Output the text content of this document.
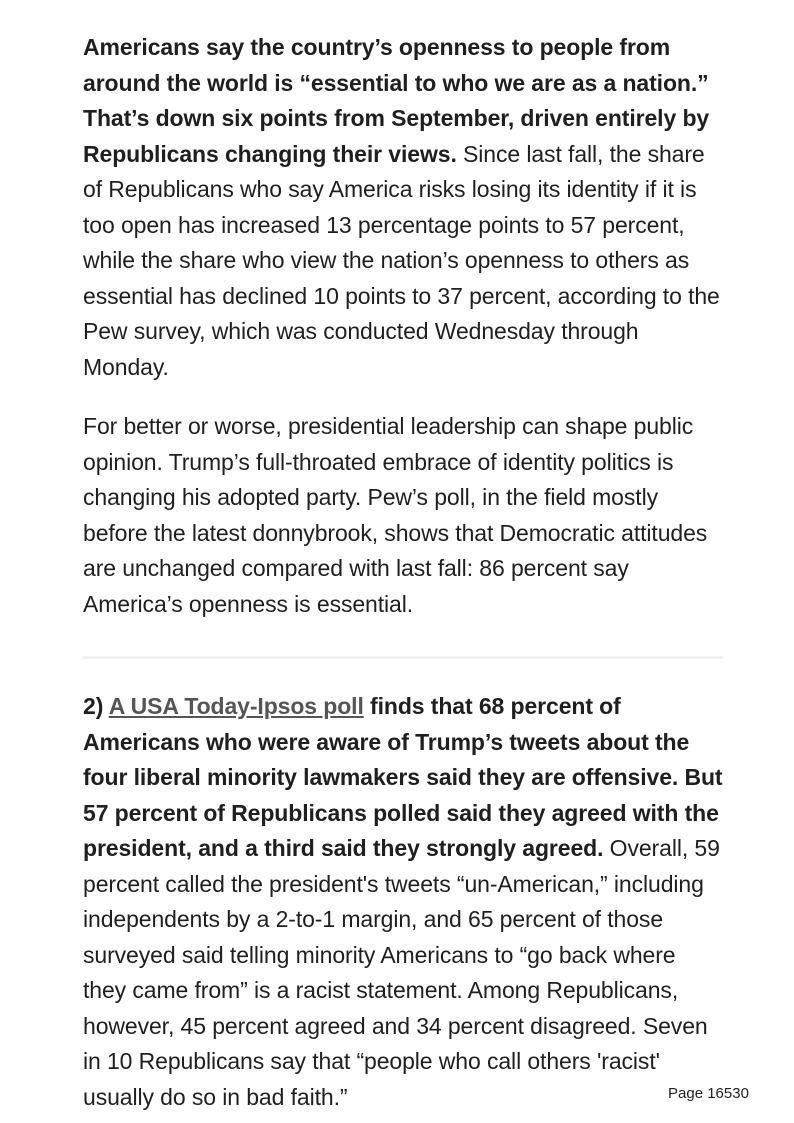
Americans say the country’s openness to people from around the world is “essential to who we are as a nation.” That’s down six points from September, driven entirely by Republicans changing their views. Since last fall, the share of Republicans who say America risks losing its identity if it is too open has increased 13 percentage points to 57 percent, while the share who view the nation’s openness to others as essential has declined 10 points to 37 percent, according to the Pew survey, which was conducted Wednesday through Monday.

For better or worse, presidential leadership can shape public opinion. Trump’s full-throated embrace of identity politics is changing his adopted party. Pew’s poll, in the field mostly before the latest donnybrook, shows that Democratic attitudes are unchanged compared with last fall: 86 percent say America’s openness is essential.

2) A USA Today-Ipsos poll finds that 68 percent of Americans who were aware of Trump’s tweets about the four liberal minority lawmakers said they are offensive. But 57 percent of Republicans polled said they agreed with the president, and a third said they strongly agreed. Overall, 59 percent called the president's tweets “un-American,” including independents by a 2-to-1 margin, and 65 percent of those surveyed said telling minority Americans to “go back where they came from” is a racist statement. Among Republicans, however, 45 percent agreed and 34 percent disagreed. Seven in 10 Republicans say that “people who call others 'racist' usually do so in bad faith.”	Page 16530
